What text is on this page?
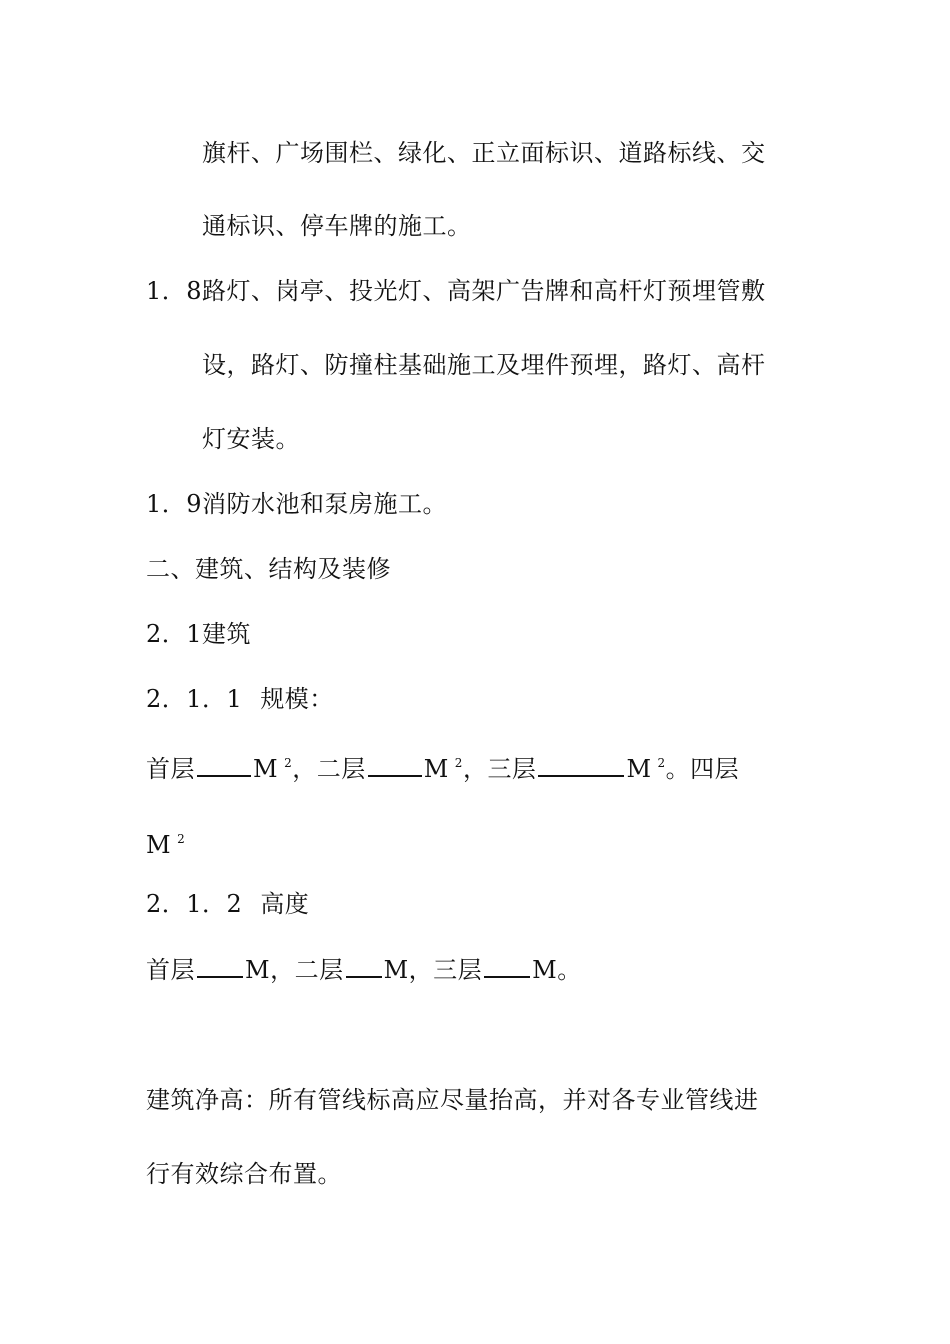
旗杆、广场围栏、绿化、正立面标识、道路标线、交
通标识、停车牌的施工。
1．8路灯、岗亭、投光灯、高架广告牌和高杆灯预埋管敷
设，路灯、防撞柱基础施工及埋件预埋，路灯、高杆
灯安装。
1．9消防水池和泵房施工。
二、建筑、结构及装修
2．1建筑
2．1．1 规模：
首层 M $^2$，二层 M $^2$，三层	M $^2$。四层
M $^2$
2．1．2 高度
首层 M，二层 M，三层 M。
建筑净高：所有管线标高应尽量抬高，并对各专业管线进
行有效综合布置。
